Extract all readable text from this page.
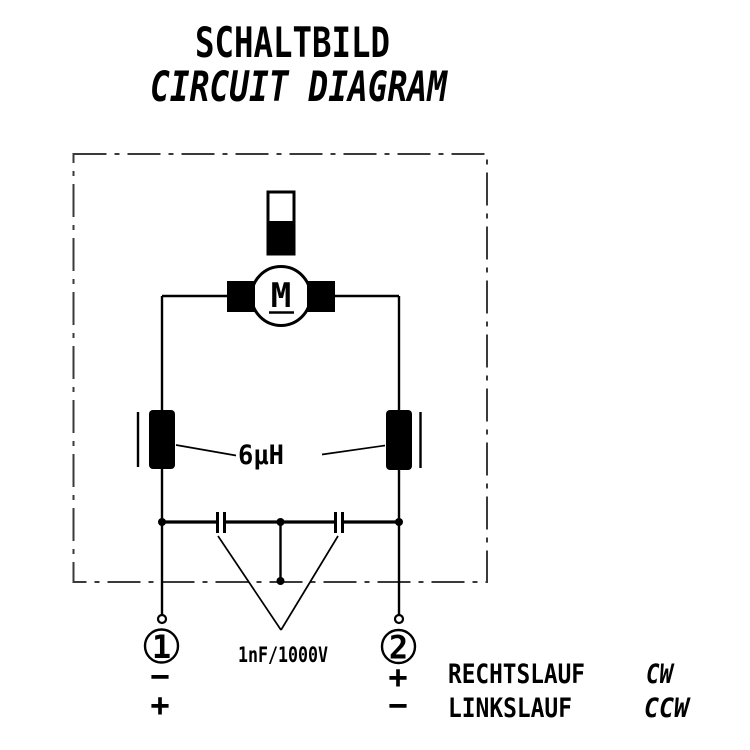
SCHALTBILD
CIRCUIT DIAGRAM
M
6µH
1nF/1000V
1
−
+
2
+
−
RECHTSLAUF CW
LINKSLAUF	CCW
